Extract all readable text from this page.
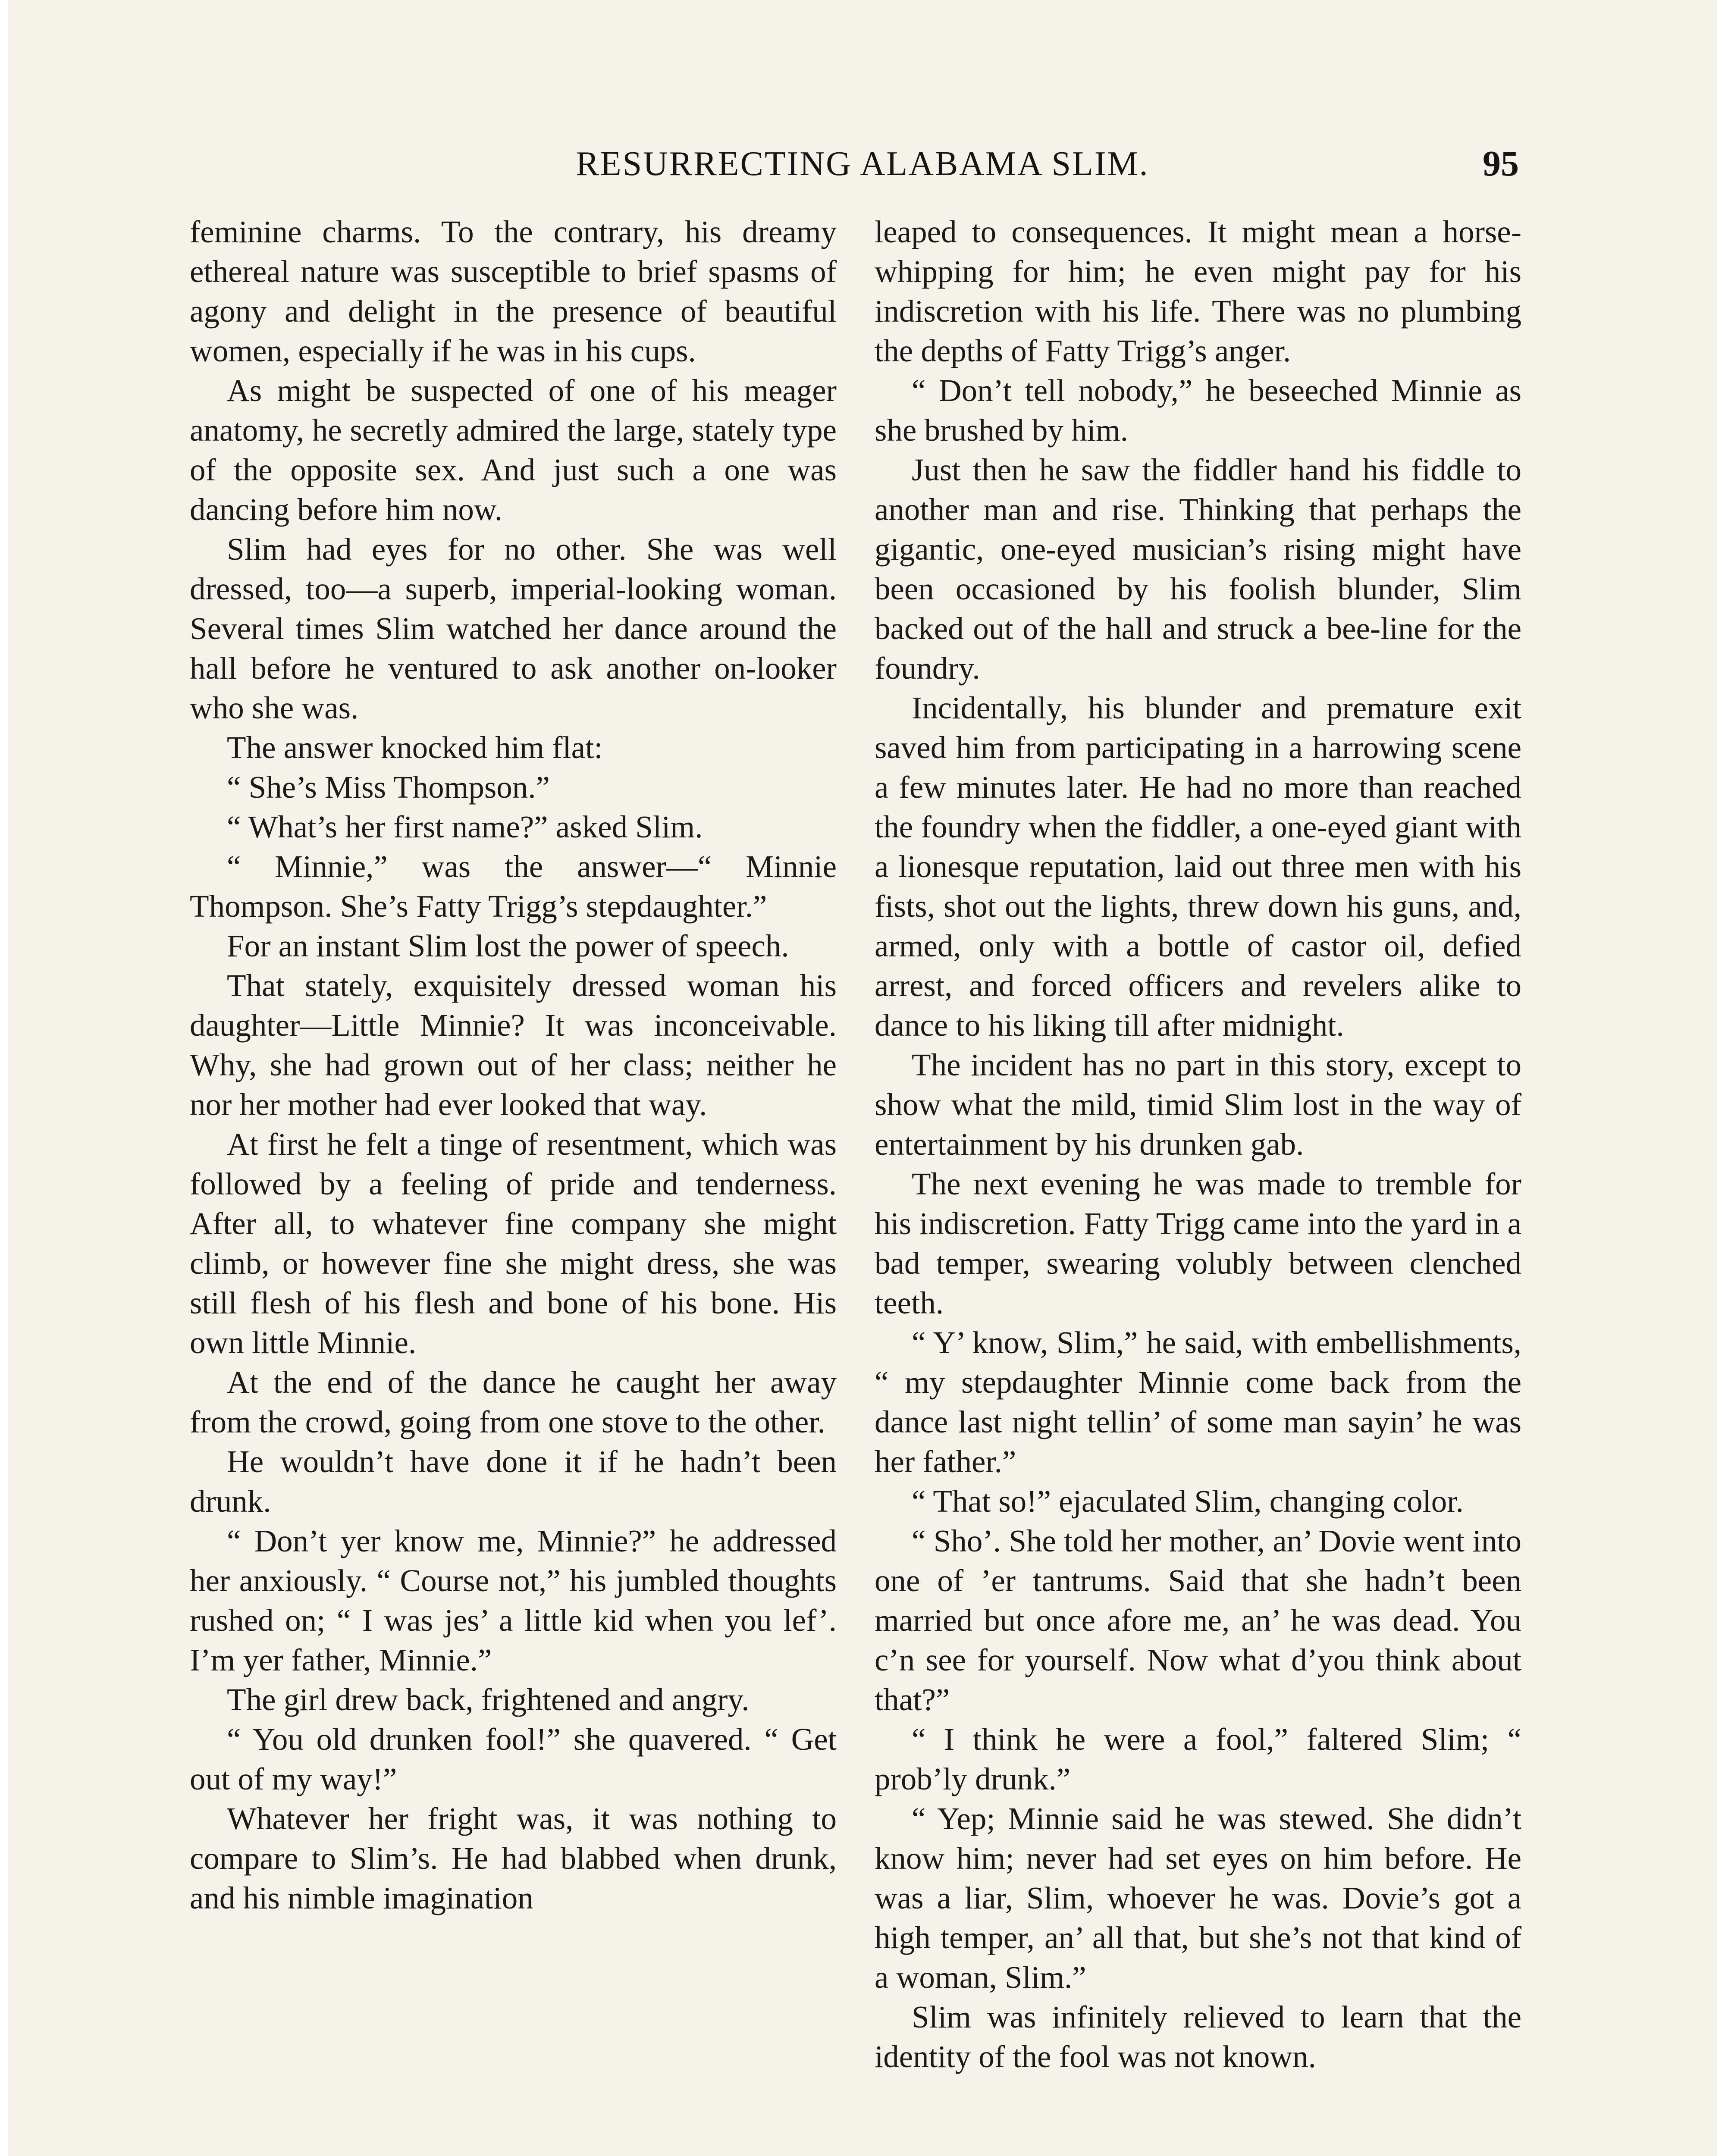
RESURRECTING ALABAMA SLIM.	95

feminine charms. To the contrary, his dreamy ethereal nature was susceptible to brief spasms of agony and delight in the presence of beautiful women, especially if he was in his cups.

As might be suspected of one of his meager anatomy, he secretly admired the large, stately type of the opposite sex. And just such a one was dancing before him now.

Slim had eyes for no other. She was well dressed, too—a superb, imperial-looking woman. Several times Slim watched her dance around the hall before he ventured to ask another on-looker who she was.

The answer knocked him flat:

“ She’s Miss Thompson.”

“ What’s her first name?” asked Slim.

“ Minnie,” was the answer—“ Minnie Thompson. She’s Fatty Trigg’s stepdaughter.”

For an instant Slim lost the power of speech.

That stately, exquisitely dressed woman his daughter—Little Minnie? It was inconceivable. Why, she had grown out of her class; neither he nor her mother had ever looked that way.

At first he felt a tinge of resentment, which was followed by a feeling of pride and tenderness. After all, to whatever fine company she might climb, or however fine she might dress, she was still flesh of his flesh and bone of his bone. His own little Minnie.

At the end of the dance he caught her away from the crowd, going from one stove to the other.

He wouldn’t have done it if he hadn’t been drunk.

“ Don’t yer know me, Minnie?” he addressed her anxiously. “ Course not,” his jumbled thoughts rushed on; “ I was jes’ a little kid when you lef’. I’m yer father, Minnie.”

The girl drew back, frightened and angry.

“ You old drunken fool!” she quavered. “ Get out of my way!”

Whatever her fright was, it was nothing to compare to Slim’s. He had blabbed when drunk, and his nimble imagination

leaped to consequences. It might mean a horse-whipping for him; he even might pay for his indiscretion with his life. There was no plumbing the depths of Fatty Trigg’s anger.

“ Don’t tell nobody,” he beseeched Minnie as she brushed by him.

Just then he saw the fiddler hand his fiddle to another man and rise. Thinking that perhaps the gigantic, one-eyed musician’s rising might have been occasioned by his foolish blunder, Slim backed out of the hall and struck a bee-line for the foundry.

Incidentally, his blunder and premature exit saved him from participating in a harrowing scene a few minutes later. He had no more than reached the foundry when the fiddler, a one-eyed giant with a lionesque reputation, laid out three men with his fists, shot out the lights, threw down his guns, and, armed, only with a bottle of castor oil, defied arrest, and forced officers and revelers alike to dance to his liking till after midnight.

The incident has no part in this story, except to show what the mild, timid Slim lost in the way of entertainment by his drunken gab.

The next evening he was made to tremble for his indiscretion. Fatty Trigg came into the yard in a bad temper, swearing volubly between clenched teeth.

“ Y’ know, Slim,” he said, with embellishments, “ my stepdaughter Minnie come back from the dance last night tellin’ of some man sayin’ he was her father.”

“ That so!” ejaculated Slim, changing color.

“ Sho’. She told her mother, an’ Dovie went into one of ’er tantrums. Said that she hadn’t been married but once afore me, an’ he was dead. You c’n see for yourself. Now what d’you think about that?”

“ I think he were a fool,” faltered Slim; “ prob’ly drunk.”

“ Yep; Minnie said he was stewed. She didn’t know him; never had set eyes on him before. He was a liar, Slim, whoever he was. Dovie’s got a high temper, an’ all that, but she’s not that kind of a woman, Slim.”

Slim was infinitely relieved to learn that the identity of the fool was not known.
